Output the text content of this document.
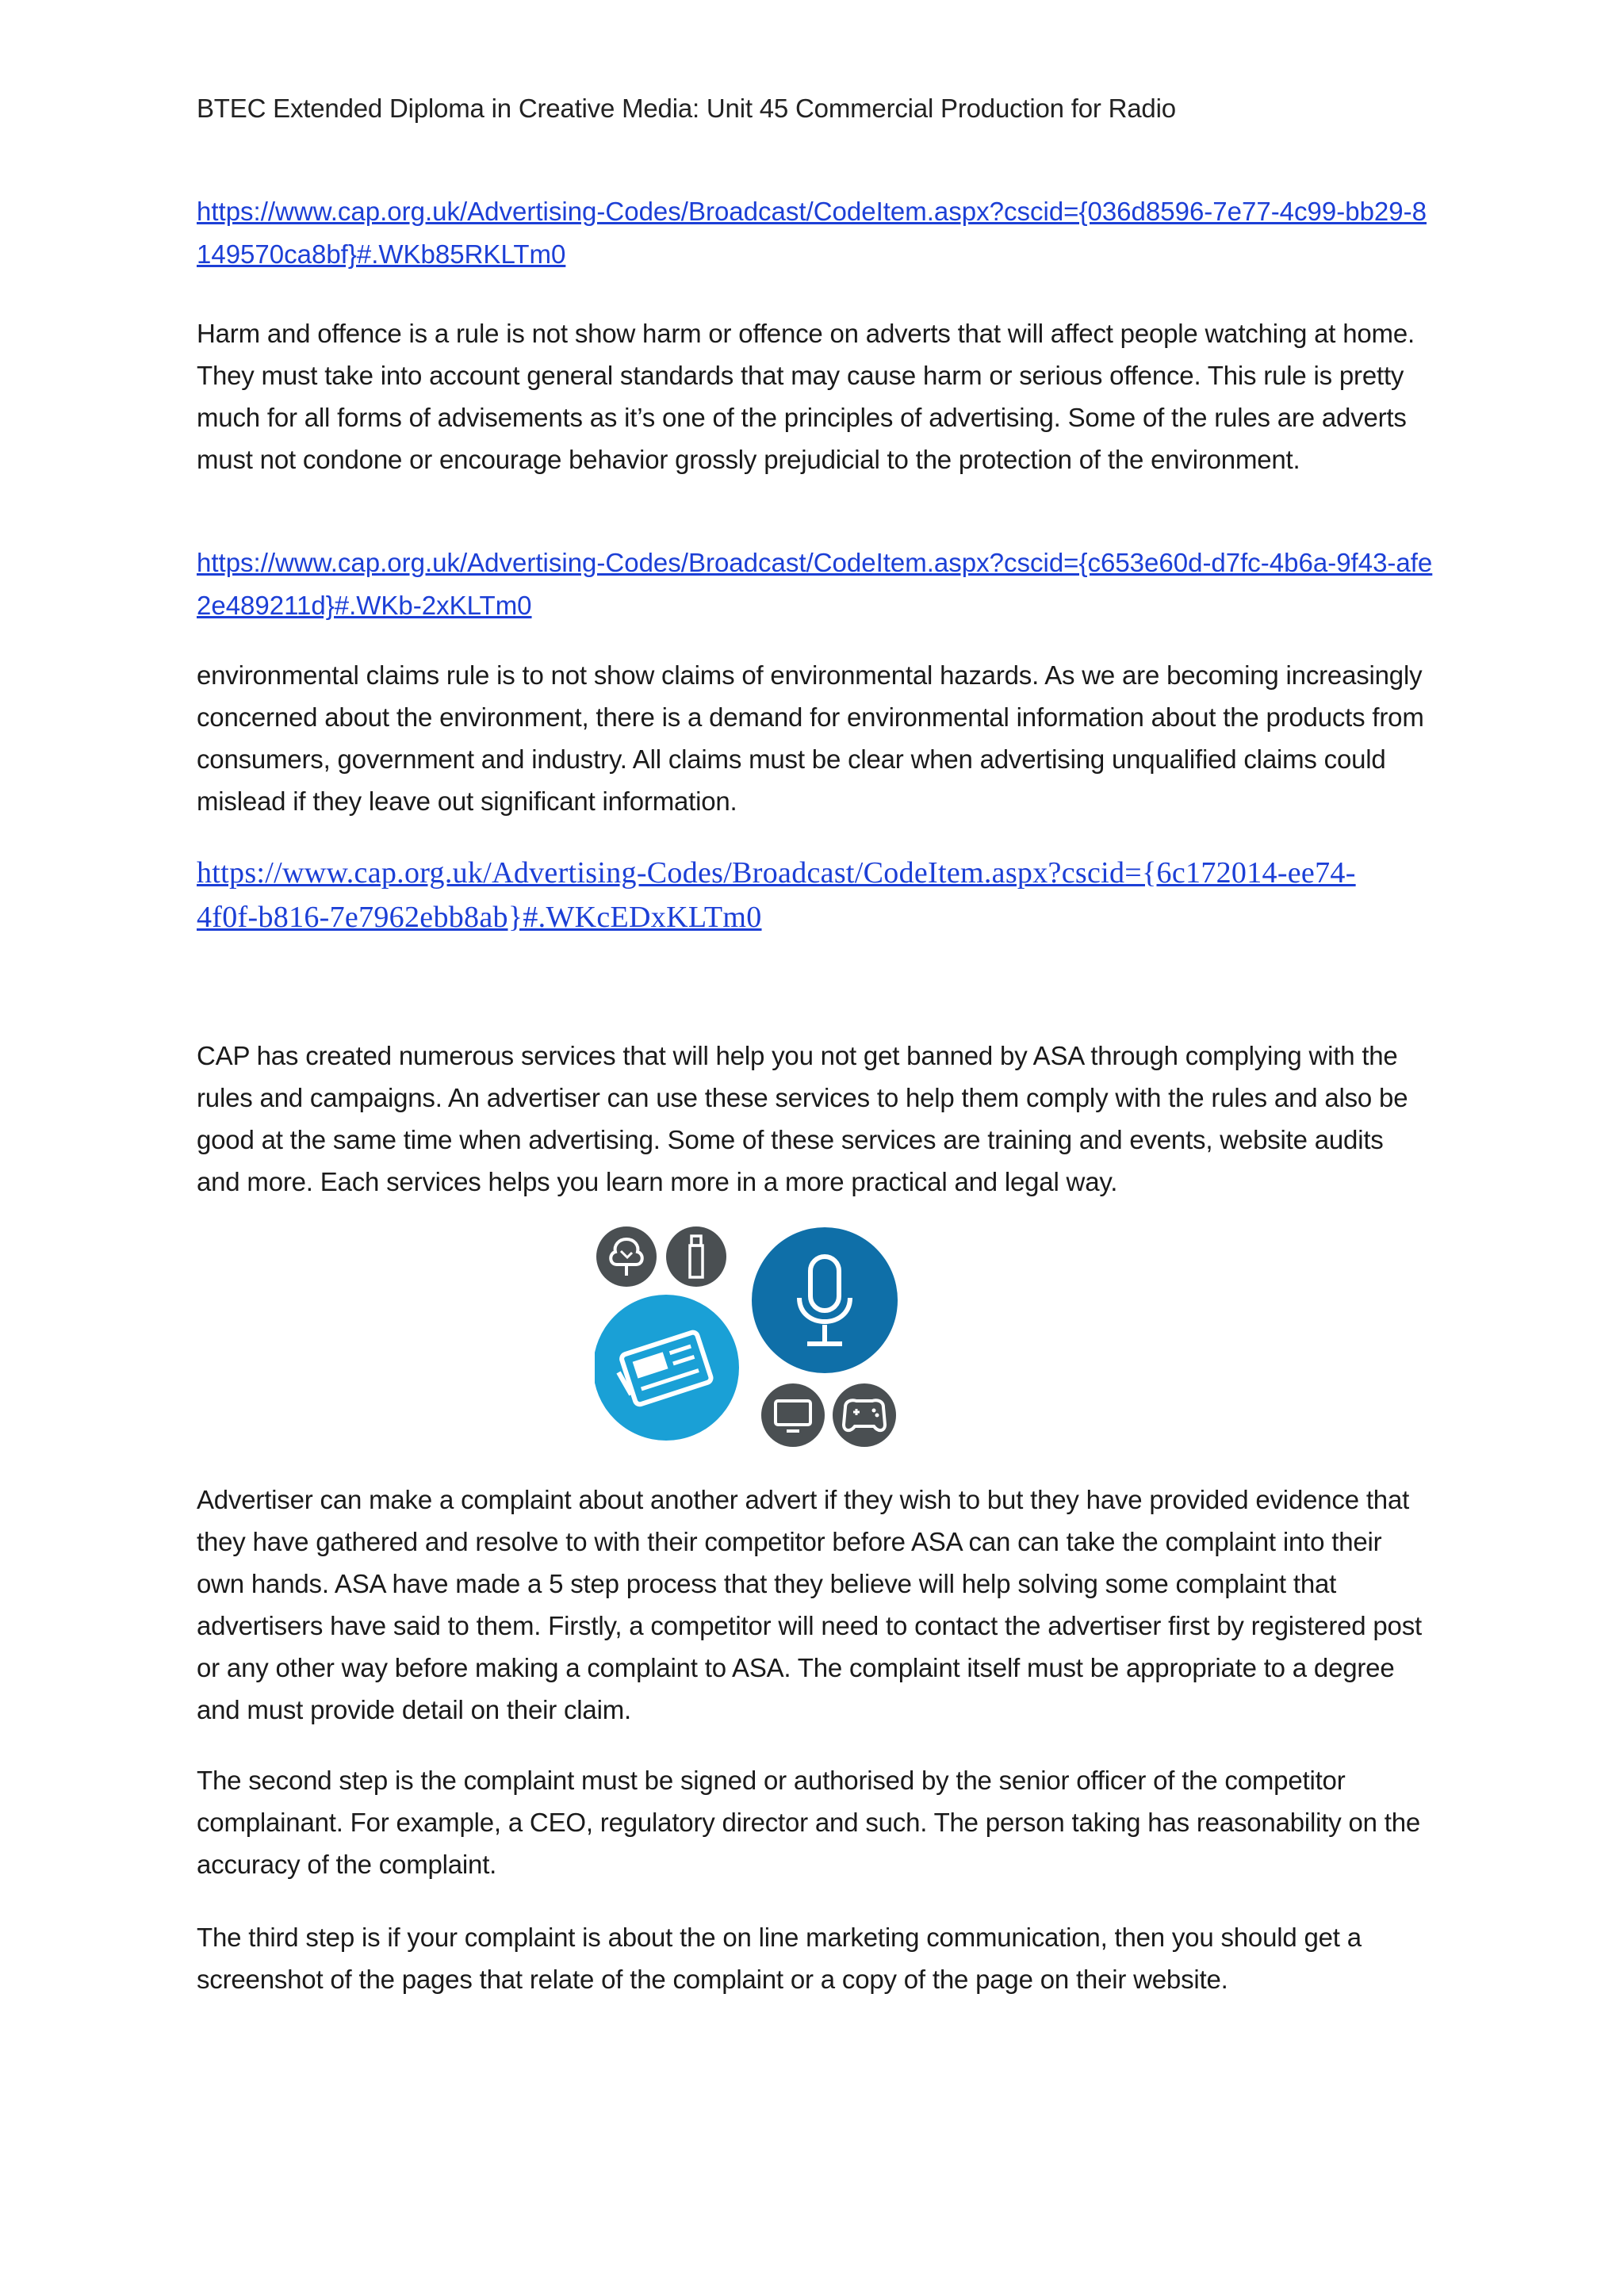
BTEC Extended Diploma in Creative Media: Unit 45 Commercial Production for Radio
https://www.cap.org.uk/Advertising-Codes/Broadcast/CodeItem.aspx?cscid={036d8596-7e77-4c99-bb29-8149570ca8bf}#.WKb85RKLTm0

Harm and offence is a rule is not show harm or offence on adverts that will affect people watching at home. They must take into account general standards that may cause harm or serious offence. This rule is pretty much for all forms of advisements as it’s one of the principles of advertising. Some of the rules are adverts must not condone or encourage behavior grossly prejudicial to the protection of the environment.

https://www.cap.org.uk/Advertising-Codes/Broadcast/CodeItem.aspx?cscid={c653e60d-d7fc-4b6a-9f43-afe2e489211d}#.WKb-2xKLTm0

environmental claims rule is to not show claims of environmental hazards. As we are becoming increasingly concerned about the environment, there is a demand for environmental information about the products from consumers, government and industry. All claims must be clear when advertising unqualified claims could mislead if they leave out significant information.

https://www.cap.org.uk/Advertising-Codes/Broadcast/CodeItem.aspx?cscid={6c172014-ee74-4f0f-b816-7e7962ebb8ab}#.WKcEDxKLTm0

CAP has created numerous services that will help you not get banned by ASA through complying with the rules and campaigns. An advertiser can use these services to help them comply with the rules and also be good at the same time when advertising. Some of these services are training and events, website audits and more. Each services helps you learn more in a more practical and legal way.

Advertiser can make a complaint about another advert if they wish to but they have provided evidence that they have gathered and resolve to with their competitor before ASA can can take the complaint into their own hands. ASA have made a 5 step process that they believe will help solving some complaint that advertisers have said to them. Firstly, a competitor will need to contact the advertiser first by registered post or any other way before making a complaint to ASA. The complaint itself must be appropriate to a degree and must provide detail on their claim.

The second step is the complaint must be signed or authorised by the senior officer of the competitor complainant. For example, a CEO, regulatory director and such. The person taking has reasonability on the accuracy of the complaint.

The third step is if your complaint is about the on line marketing communication, then you should get a screenshot of the pages that relate of the complaint or a copy of the page on their website.
